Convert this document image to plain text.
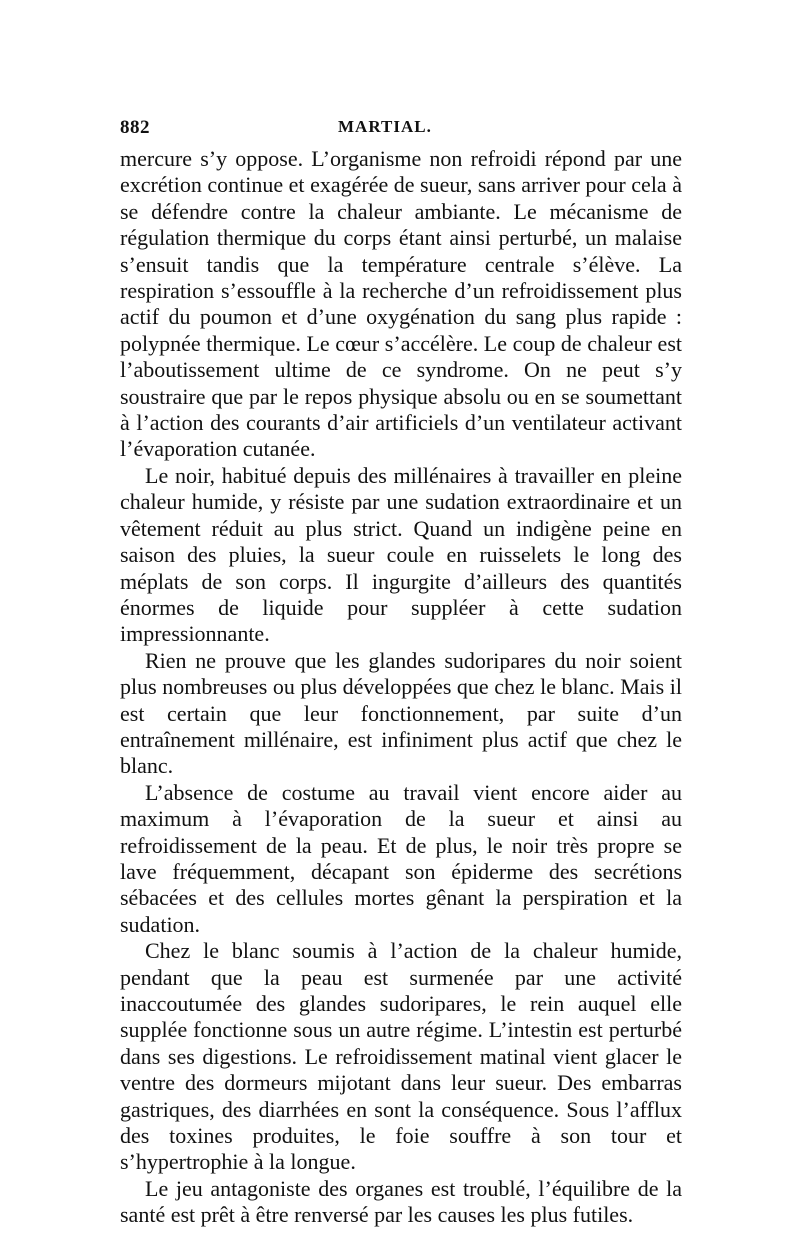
882	MARTIAL.

mercure s’y oppose. L’organisme non refroidi répond par une excrétion continue et exagérée de sueur, sans arriver pour cela à se défendre contre la chaleur ambiante. Le mécanisme de régulation thermique du corps étant ainsi perturbé, un malaise s’ensuit tandis que la température centrale s’élève. La respiration s’essouffle à la recherche d’un refroidissement plus actif du poumon et d’une oxygénation du sang plus rapide : polypnée thermique. Le cœur s’accélère. Le coup de chaleur est l’aboutissement ultime de ce syndrome. On ne peut s’y soustraire que par le repos physique absolu ou en se soumettant à l’action des courants d’air artificiels d’un ventilateur activant l’évaporation cutanée.

Le noir, habitué depuis des millénaires à travailler en pleine chaleur humide, y résiste par une sudation extraordinaire et un vêtement réduit au plus strict. Quand un indigène peine en saison des pluies, la sueur coule en ruisselets le long des méplats de son corps. Il ingurgite d’ailleurs des quantités énormes de liquide pour suppléer à cette sudation impressionnante.

Rien ne prouve que les glandes sudoripares du noir soient plus nombreuses ou plus développées que chez le blanc. Mais il est certain que leur fonctionnement, par suite d’un entraînement millénaire, est infiniment plus actif que chez le blanc.

L’absence de costume au travail vient encore aider au maximum à l’évaporation de la sueur et ainsi au refroidissement de la peau. Et de plus, le noir très propre se lave fréquemment, décapant son épiderme des secrétions sébacées et des cellules mortes gênant la perspiration et la sudation.

Chez le blanc soumis à l’action de la chaleur humide, pendant que la peau est surmenée par une activité inaccoutumée des glandes sudoripares, le rein auquel elle supplée fonctionne sous un autre régime. L’intestin est perturbé dans ses digestions. Le refroidissement matinal vient glacer le ventre des dormeurs mijotant dans leur sueur. Des embarras gastriques, des diarrhées en sont la conséquence. Sous l’afflux des toxines produites, le foie souffre à son tour et s’hypertrophie à la longue.

Le jeu antagoniste des organes est troublé, l’équilibre de la santé est prêt à être renversé par les causes les plus futiles.
